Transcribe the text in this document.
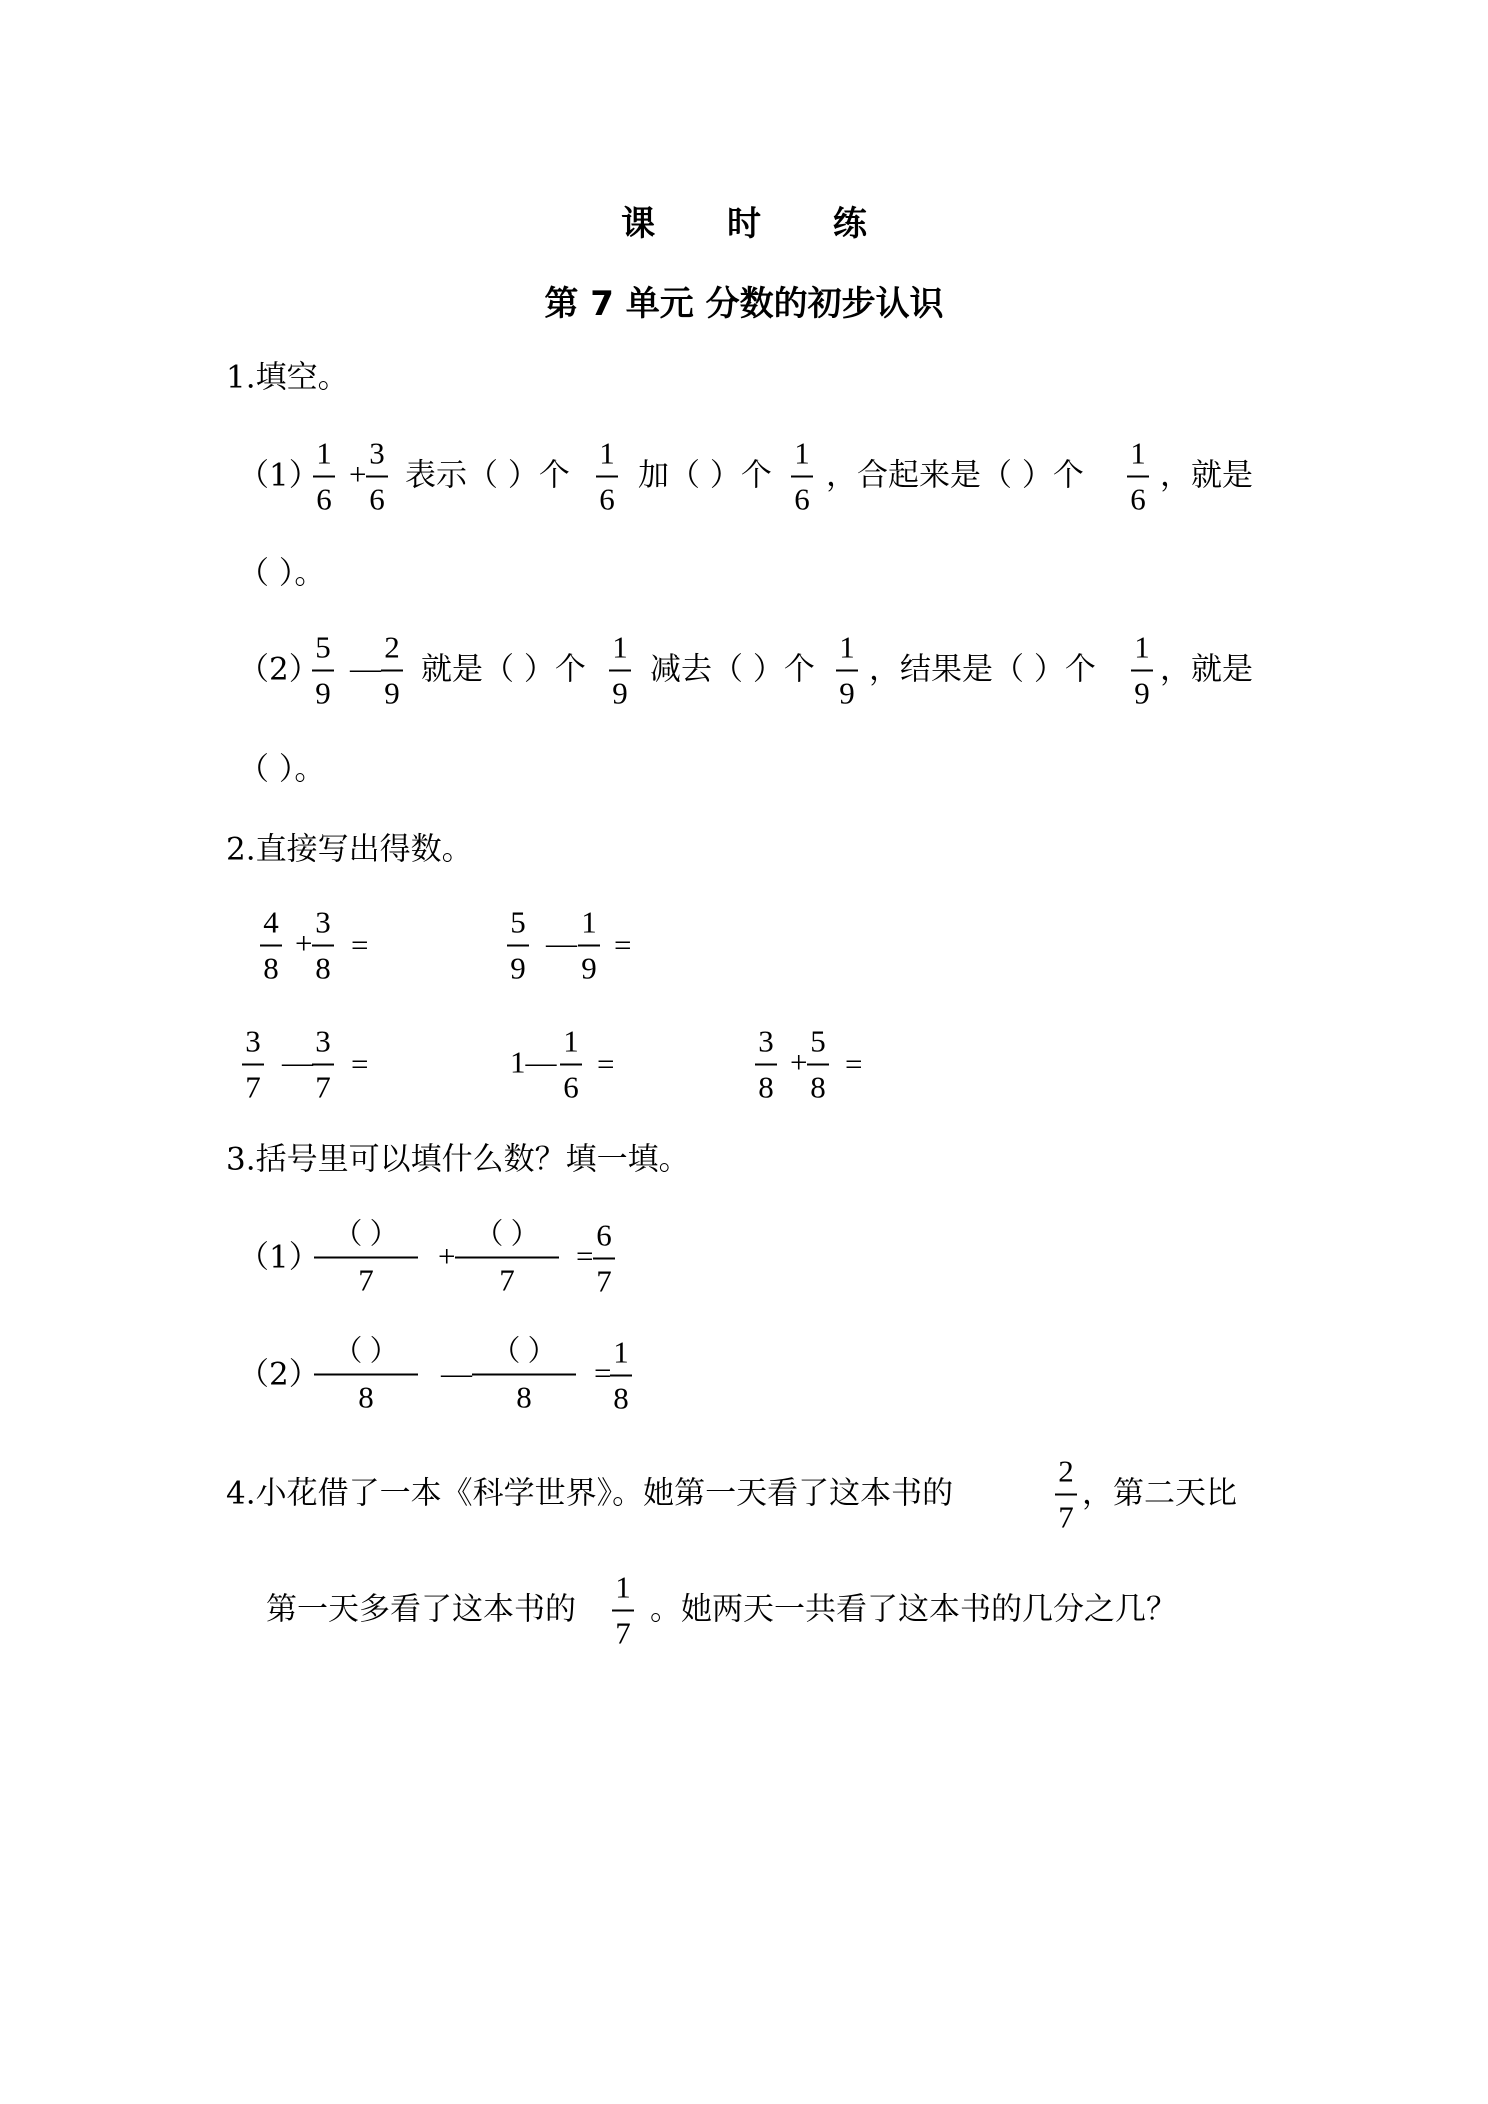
课 时 练
第 7 单元 分数的初步认识
1.填空。
（1）
1
6
+
3
6
表示（ ）个
1
6
加（ ）个
1
6
，合起来是（ ）个
1
6
，就是
（ ）。
（2）
5
9
—
2
9
就是（ ）个
1
9
减去（ ）个
1
9
，结果是（ ）个
1
9
，就是
（ ）。
2.直接写出得数。
4
8
+
3
8
=
5
9
—
1
9
=
3
7
—
3
7
=	1—
1
6
=
3
8
+
5
8
=
3.括号里可以填什么数？填一填。
（1）
（ ）
7
+
（ ）
7
=
6
7
（2）
（ ）
8
—
（ ）
8
=
1
8
4.小花借了一本《科学世界》。她第一天看了这本书的
2
7
，第二天比
第一天多看了这本书的
1
7
。她两天一共看了这本书的几分之几？
